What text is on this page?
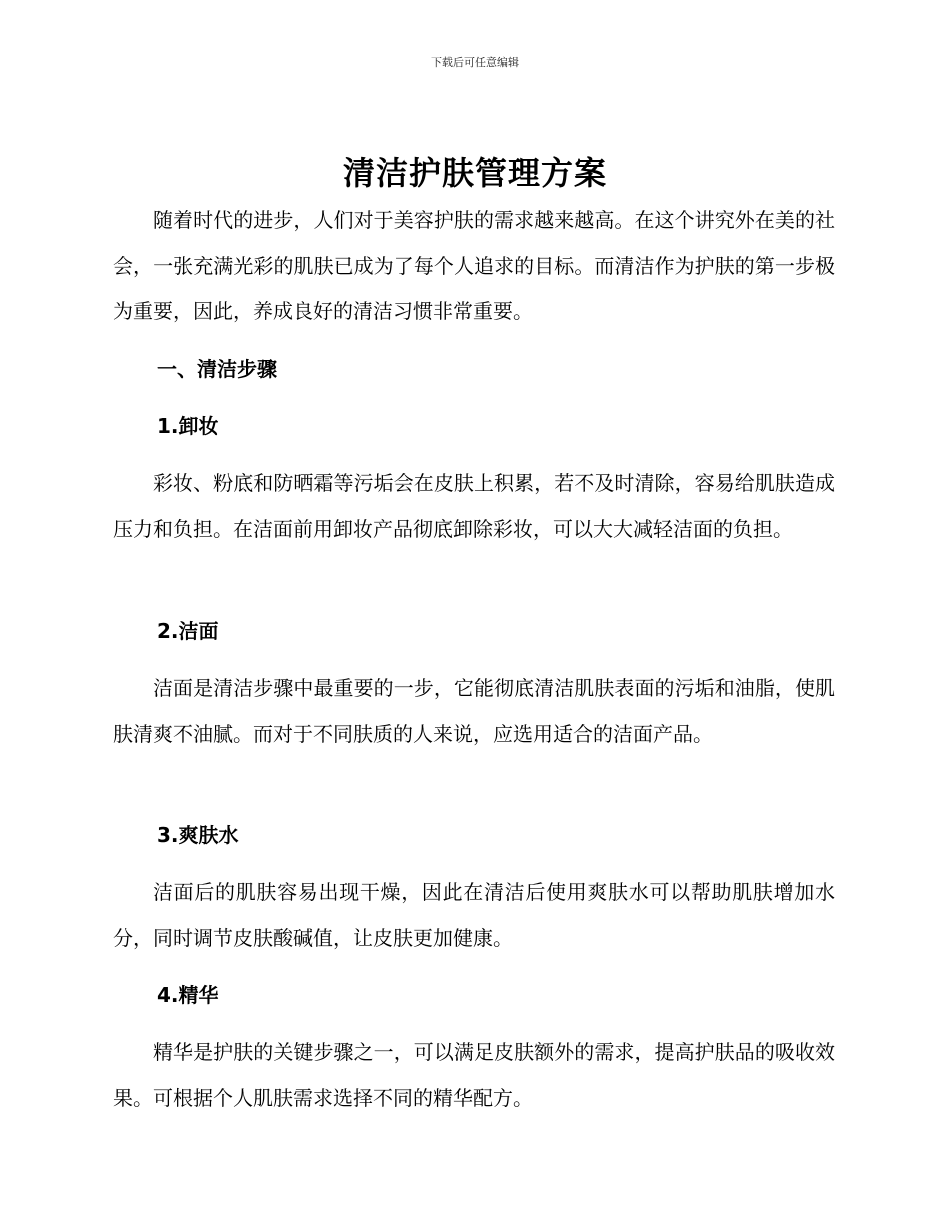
下载后可任意编辑
清洁护肤管理方案

随着时代的进步，人们对于美容护肤的需求越来越高。在这个讲究外在美的社会，一张充满光彩的肌肤已成为了每个人追求的目标。而清洁作为护肤的第一步极为重要，因此，养成良好的清洁习惯非常重要。

一、清洁步骤
1.卸妆

彩妆、粉底和防晒霜等污垢会在皮肤上积累，若不及时清除，容易给肌肤造成压力和负担。在洁面前用卸妆产品彻底卸除彩妆，可以大大减轻洁面的负担。

2.洁面

洁面是清洁步骤中最重要的一步，它能彻底清洁肌肤表面的污垢和油脂，使肌肤清爽不油腻。而对于不同肤质的人来说，应选用适合的洁面产品。

3.爽肤水

洁面后的肌肤容易出现干燥，因此在清洁后使用爽肤水可以帮助肌肤增加水分，同时调节皮肤酸碱值，让皮肤更加健康。

4.精华

精华是护肤的关键步骤之一，可以满足皮肤额外的需求，提高护肤品的吸收效果。可根据个人肌肤需求选择不同的精华配方。
